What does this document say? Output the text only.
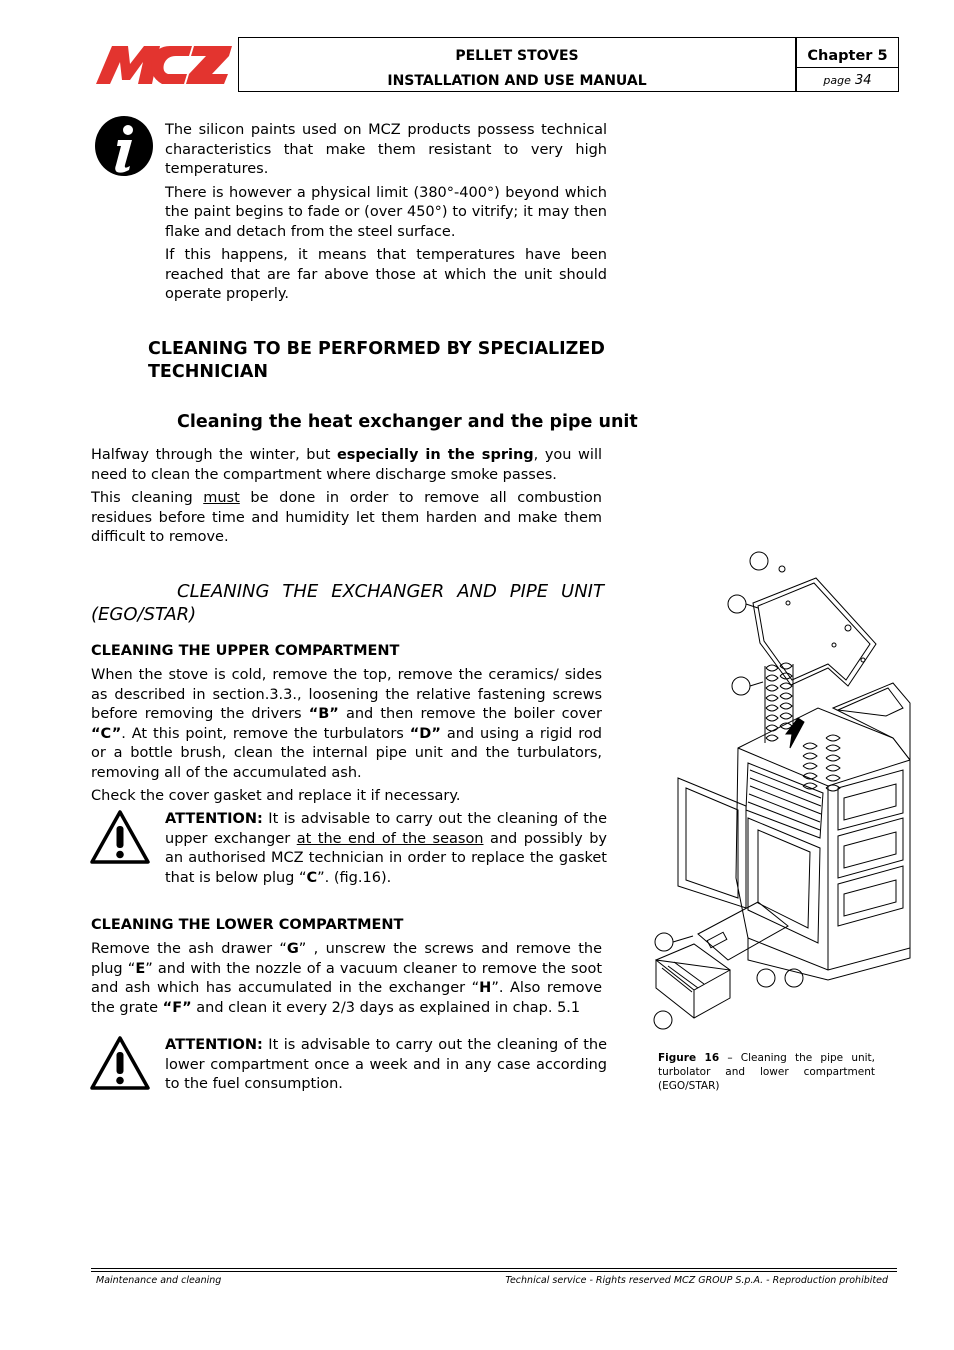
PELLET STOVES
INSTALLATION AND USE MANUAL
Chapter 5
page 34

The silicon paints used on MCZ products possess technical characteristics that make them resistant to very high temperatures.

There is however a physical limit (380°-400°) beyond which the paint begins to fade or (over 450°) to vitrify; it may then flake and detach from the steel surface.

If this happens, it means that temperatures have been reached that are far above those at which the unit should operate properly.

CLEANING TO BE PERFORMED BY SPECIALIZED
TECHNICIAN
Cleaning the heat exchanger and the pipe unit

Halfway through the winter, but especially in the spring, you will need to clean the compartment where discharge smoke passes.

This cleaning must be done in order to remove all combustion residues before time and humidity let them harden and make them difficult to remove.

CLEANING THE EXCHANGER AND PIPE UNIT
(EGO/STAR)
CLEANING THE UPPER COMPARTMENT

When the stove is cold, remove the top, remove the ceramics/ sides as described in section.3.3., loosening the relative fastening screws before removing the drivers “B” and then remove the boiler cover “C”. At this point, remove the turbulators “D” and using a rigid rod or a bottle brush, clean the internal pipe unit and the turbulators, removing all of the accumulated ash.

Check the cover gasket and replace it if necessary.

ATTENTION: It is advisable to carry out the cleaning of the upper exchanger at the end of the season and possibly by an authorised MCZ technician in order to replace the gasket that is below plug “C”. (fig.16).

CLEANING THE LOWER COMPARTMENT

Remove the ash drawer “G” , unscrew the screws and remove the plug “E” and with the nozzle of a vacuum cleaner to remove the soot and ash which has accumulated in the exchanger “H”. Also remove the grate “F” and clean it every 2/3 days as explained in chap. 5.1

ATTENTION: It is advisable to carry out the cleaning of the lower compartment once a week and in any case according to the fuel consumption.

Figure 16 – Cleaning the pipe unit, turbolator and lower compartment (EGO/STAR)
Maintenance and cleaning	Technical service - Rights reserved MCZ GROUP S.p.A. - Reproduction prohibited
